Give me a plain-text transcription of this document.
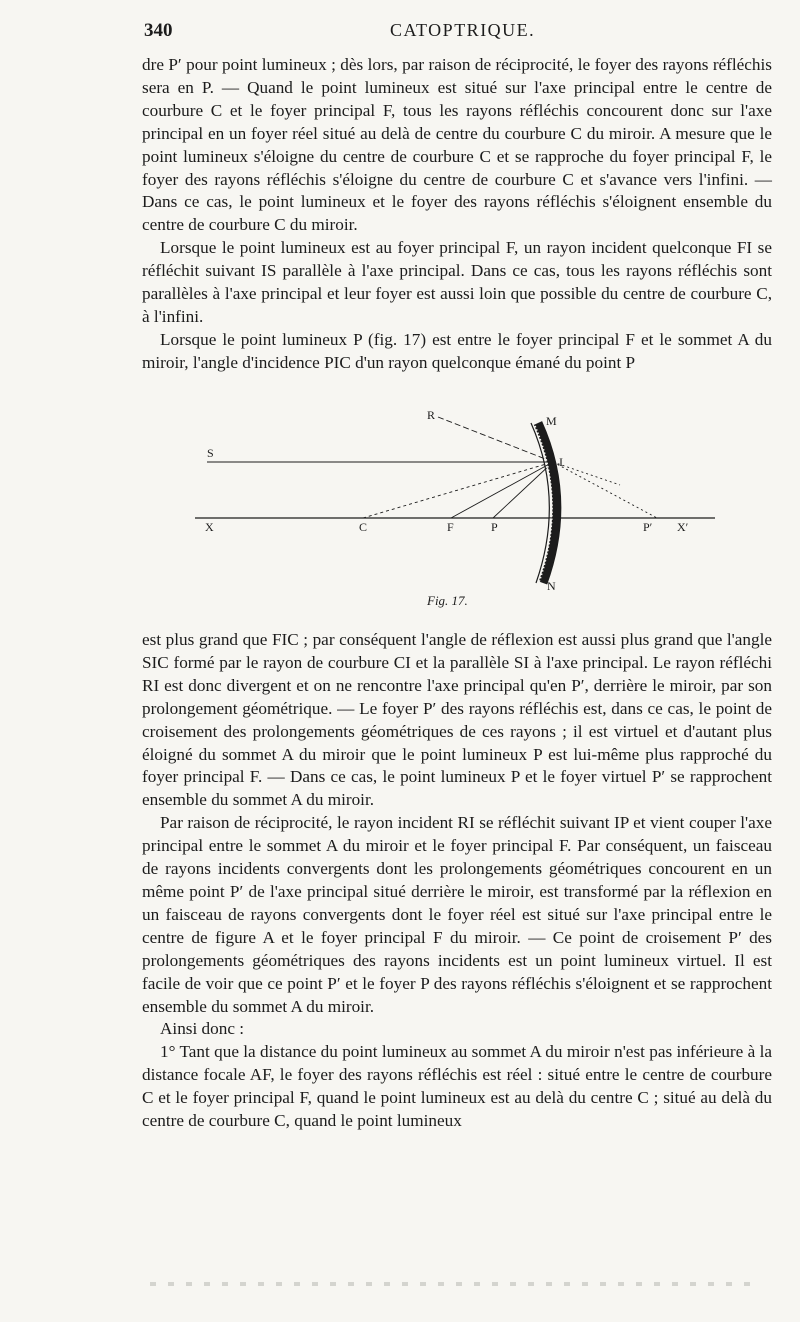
340	CATOPTRIQUE.

dre P′ pour point lumineux ; dès lors, par raison de réciprocité, le foyer des rayons réfléchis sera en P. — Quand le point lumineux est situé sur l'axe principal entre le centre de courbure C et le foyer principal F, tous les rayons réfléchis concourent donc sur l'axe principal en un foyer réel situé au delà de centre du courbure C du miroir. A mesure que le point lumineux s'éloigne du centre de courbure C et se rapproche du foyer principal F, le foyer des rayons réfléchis s'éloigne du centre de courbure C et s'avance vers l'infini. — Dans ce cas, le point lumineux et le foyer des rayons réfléchis s'éloignent ensemble du centre de courbure C du miroir.

Lorsque le point lumineux est au foyer principal F, un rayon incident quelconque FI se réfléchit suivant IS parallèle à l'axe principal. Dans ce cas, tous les rayons réfléchis sont parallèles à l'axe principal et leur foyer est aussi loin que possible du centre de courbure C, à l'infini.

Lorsque le point lumineux P (fig. 17) est entre le foyer principal F et le sommet A du miroir, l'angle d'incidence PIC d'un rayon quelconque émané du point P

R	M
S
I
X	C	F	P	P′ X′
N
Fig. 17.

est plus grand que FIC ; par conséquent l'angle de réflexion est aussi plus grand que l'angle SIC formé par le rayon de courbure CI et la parallèle SI à l'axe principal. Le rayon réfléchi RI est donc divergent et on ne rencontre l'axe principal qu'en P′, derrière le miroir, par son prolongement géométrique. — Le foyer P′ des rayons réfléchis est, dans ce cas, le point de croisement des prolongements géométriques de ces rayons ; il est virtuel et d'autant plus éloigné du sommet A du miroir que le point lumineux P est lui-même plus rapproché du foyer principal F. — Dans ce cas, le point lumineux P et le foyer virtuel P′ se rapprochent ensemble du sommet A du miroir.

Par raison de réciprocité, le rayon incident RI se réfléchit suivant IP et vient couper l'axe principal entre le sommet A du miroir et le foyer principal F. Par conséquent, un faisceau de rayons incidents convergents dont les prolongements géométriques concourent en un même point P′ de l'axe principal situé derrière le miroir, est transformé par la réflexion en un faisceau de rayons convergents dont le foyer réel est situé sur l'axe principal entre le centre de figure A et le foyer principal F du miroir. — Ce point de croisement P′ des prolongements géométriques des rayons incidents est un point lumineux virtuel. Il est facile de voir que ce point P′ et le foyer P des rayons réfléchis s'éloignent et se rapprochent ensemble du sommet A du miroir.

Ainsi donc :

1° Tant que la distance du point lumineux au sommet A du miroir n'est pas inférieure à la distance focale AF, le foyer des rayons réfléchis est réel : situé entre le centre de courbure C et le foyer principal F, quand le point lumineux est au delà du centre C ; situé au delà du centre de courbure C, quand le point lumineux
